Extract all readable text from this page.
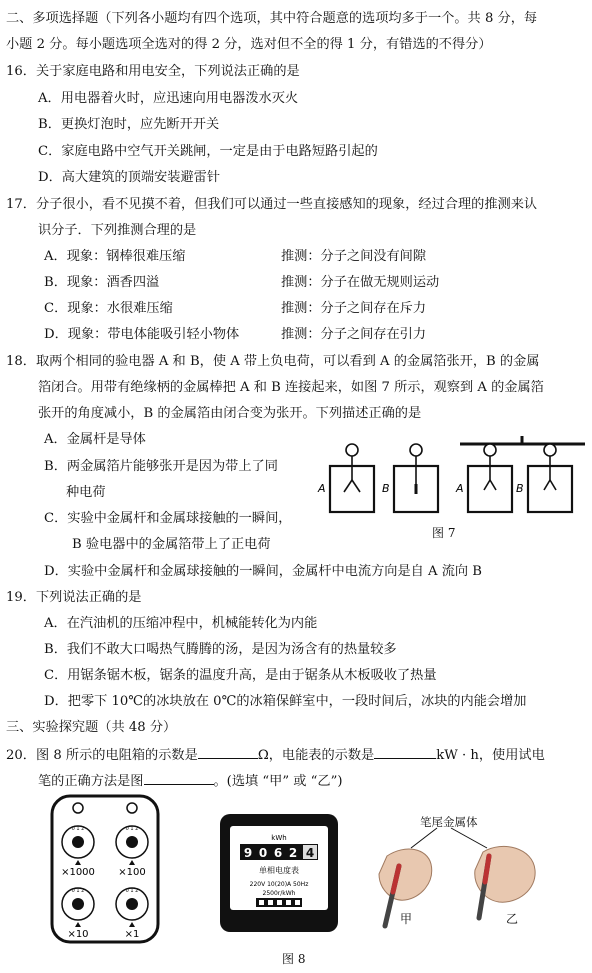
二、多项选择题（下列各小题均有四个选项，其中符合题意的选项均多于一个。共 8 分，每
小题 2 分。每小题选项全选对的得 2 分，选对但不全的得 1 分，有错选的不得分）
16．关于家庭电路和用电安全，下列说法正确的是
A．用电器着火时，应迅速向用电器泼水灭火
B．更换灯泡时，应先断开开关
C．家庭电路中空气开关跳闸，一定是由于电路短路引起的
D．高大建筑的顶端安装避雷针
17．分子很小，看不见摸不着，但我们可以通过一些直接感知的现象，经过合理的推测来认
识分子．下列推测合理的是
A．现象：钢棒很难压缩	推测：分子之间没有间隙
B．现象：酒香四溢	推测：分子在做无规则运动
C．现象：水很难压缩	推测：分子之间存在斥力
D．现象：带电体能吸引轻小物体	推测：分子之间存在引力
18．取两个相同的验电器 A 和 B，使 A 带上负电荷，可以看到 A 的金属箔张开，B 的金属
箔闭合。用带有绝缘柄的金属棒把 A 和 B 连接起来，如图 7 所示，观察到 A 的金属箔
张开的角度减小，B 的金属箔由闭合变为张开。下列描述正确的是
A．金属杆是导体
B．两金属箔片能够张开是因为带上了同
种电荷
C．实验中金属杆和金属球接触的一瞬间，
B 验电器中的金属箔带上了正电荷
D．实验中金属杆和金属球接触的一瞬间，金属杆中电流方向是自 A 流向 B
A	B	A	B
图 7
19．下列说法正确的是
A．在汽油机的压缩冲程中，机械能转化为内能
B．我们不敢大口喝热气腾腾的汤，是因为汤含有的热量较多
C．用锯条锯木板，锯条的温度升高，是由于锯条从木板吸收了热量
D．把零下 10℃的冰块放在 0℃的冰箱保鲜室中，一段时间后，冰块的内能会增加
三、实验探究题（共 48 分）
20．图 8 所示的电阻箱的示数是	Ω，电能表的示数是	kW · h，使用试电
笔的正确方法是图	。(选填 “甲” 或 “乙”)
0 1 2	0 1 2
0 1 2	0 1 2
×1000 ×100
×10	×1
kWh
9 0 6 2 4
单相电度表
220V 10(20)A 50Hz
2500r/kWh
笔尾金属体
甲	乙
图 8
